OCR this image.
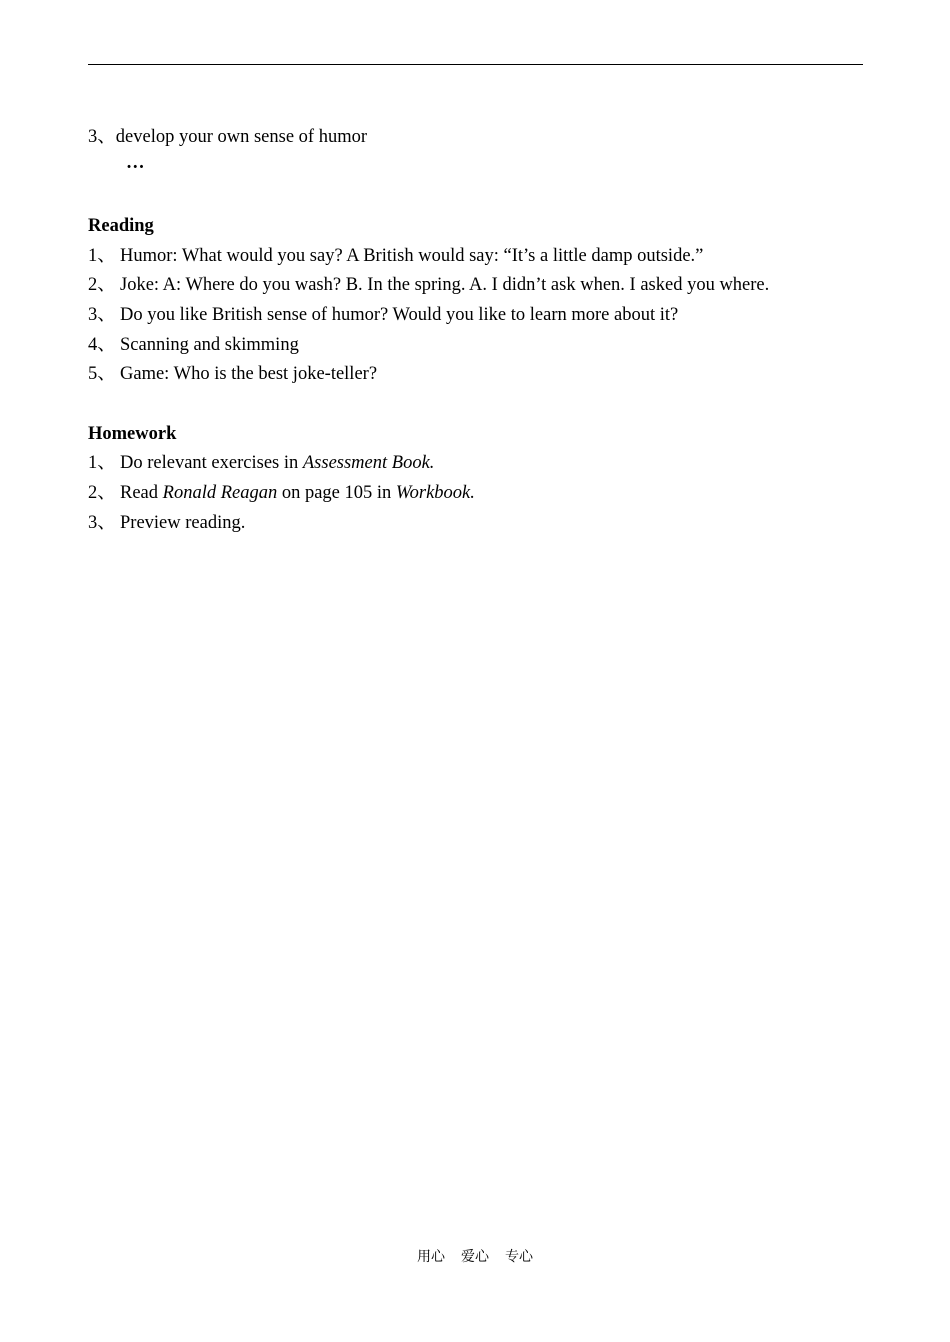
3、develop your own sense of humor
…
Reading
1、 Humor: What would you say? A British would say: “It’s a little damp outside.”
2、 Joke: A: Where do you wash? B. In the spring. A. I didn’t ask when. I asked you where.
3、 Do you like British sense of humor? Would you like to learn more about it?
4、 Scanning and skimming
5、 Game: Who is the best joke-teller?
Homework
1、 Do relevant exercises in Assessment Book.
2、 Read Ronald Reagan on page 105 in Workbook.
3、 Preview reading.
用心 爱心 专心
